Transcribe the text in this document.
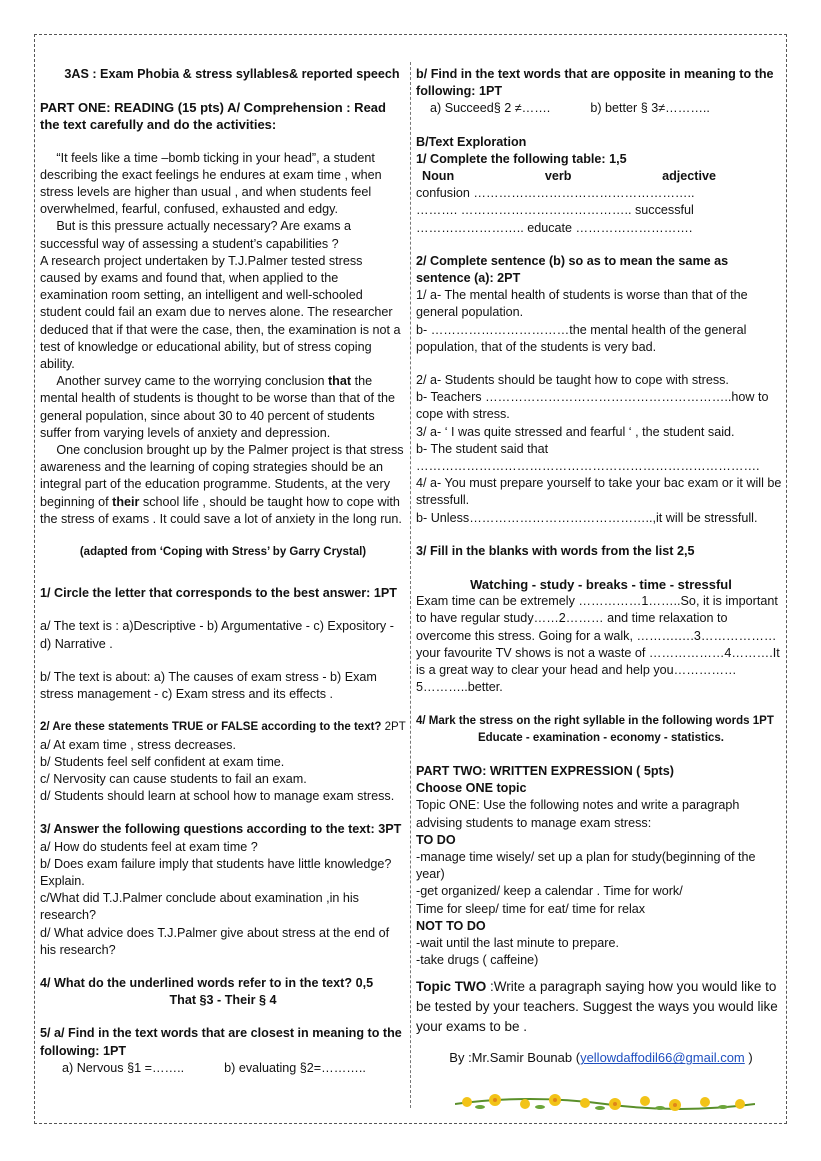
3AS : Exam Phobia & stress syllables& reported speech

PART ONE: READING (15 pts) A/ Comprehension : Read the text carefully and do the activities:

“It feels like a time –bomb ticking in your head”, a student describing the exact feelings he endures at exam time , when stress levels are higher than usual , and when students feel overwhelmed, fearful, confused, exhausted and edgy.

But is this pressure actually necessary? Are exams a successful way of assessing a student’s capabilities ?

A research project undertaken by T.J.Palmer tested stress caused by exams and found that, when applied to the examination room setting, an intelligent and well-schooled student could fail an exam due to nerves alone. The researcher deduced that if that were the case, then, the examination is not a test of knowledge or educational ability, but of stress coping ability.

Another survey came to the worrying conclusion that the mental health of students is thought to be worse than that of the general population, since about 30 to 40 percent of students suffer from varying levels of anxiety and depression.

One conclusion brought up by the Palmer project is that stress awareness and the learning of coping strategies should be an integral part of the education programme. Students, at the very beginning of their school life , should be taught how to cope with the stress of exams . It could save a lot of anxiety in the long run.

(adapted from ‘Coping with Stress’ by Garry Crystal)

1/ Circle the letter that corresponds to the best answer: 1PT

a/ The text is : a)Descriptive - b) Argumentative - c) Expository - d) Narrative .

b/ The text is about: a) The causes of exam stress - b) Exam stress management - c) Exam stress and its effects .

2/ Are these statements TRUE or FALSE according to the text? 2PT

a/ At exam time , stress decreases.

b/ Students feel self confident at exam time.

c/ Nervosity can cause students to fail an exam.

d/ Students should learn at school how to manage exam stress.

3/ Answer the following questions according to the text: 3PT

a/ How do students feel at exam time ?

b/ Does exam failure imply that students have little knowledge? Explain.

c/What did T.J.Palmer conclude about examination ,in his research?

d/ What advice does T.J.Palmer give about stress at the end of his research?

4/ What do the underlined words refer to in the text? 0,5

That §3 - Their § 4

5/ a/ Find in the text words that are closest in meaning to the following: 1PT

a) Nervous §1 =……..	b) evaluating §2=………..

b/ Find in the text words that are opposite in meaning to the following: 1PT

a) Succeed§ 2 ≠…….	b) better § 3≠………..

B/Text Exploration

1/ Complete the following table: 1,5

Noun	verb	adjective

confusion ……………………………………………..

………. ………………………………….. successful

…………………….. educate ……………………….

2/ Complete sentence (b) so as to mean the same as sentence (a): 2PT

1/ a- The mental health of students is worse than that of the general population.

b- ……………………………the mental health of the general population, that of the students is very bad.

2/ a- Students should be taught how to cope with stress.

b- Teachers …………………………………………………..how to cope with stress.

3/ a- ‘ I was quite stressed and fearful ‘ , the student said.

b- The student said that

……………………………………………………………………….

4/ a- You must prepare yourself to take your bac exam or it will be stressfull.

b- Unless……………………………………..,it will be stressfull.

3/ Fill in the blanks with words from the list 2,5

Watching - study - breaks - time - stressful

Exam time can be extremely ……………1……..So, it is important to have regular study……2……… and time relaxation to overcome this stress. Going for a walk, ……….….3………………your favourite TV shows is not a waste of ………………4……….It is a great way to clear your head and help you……………5………..better.

4/ Mark the stress on the right syllable in the following words 1PT

Educate - examination - economy - statistics.

PART TWO: WRITTEN EXPRESSION ( 5pts)

Choose ONE topic

Topic ONE: Use the following notes and write a paragraph advising students to manage exam stress:

TO DO

-manage time wisely/ set up a plan for study(beginning of the year)

-get organized/ keep a calendar . Time for work/

Time for sleep/ time for eat/ time for relax

NOT TO DO

-wait until the last minute to prepare.

-take drugs ( caffeine)

Topic TWO :Write a paragraph saying how you would like to be tested by your teachers. Suggest the ways you would like your exams to be .

By :Mr.Samir Bounab (yellowdaffodil66@gmail.com )
